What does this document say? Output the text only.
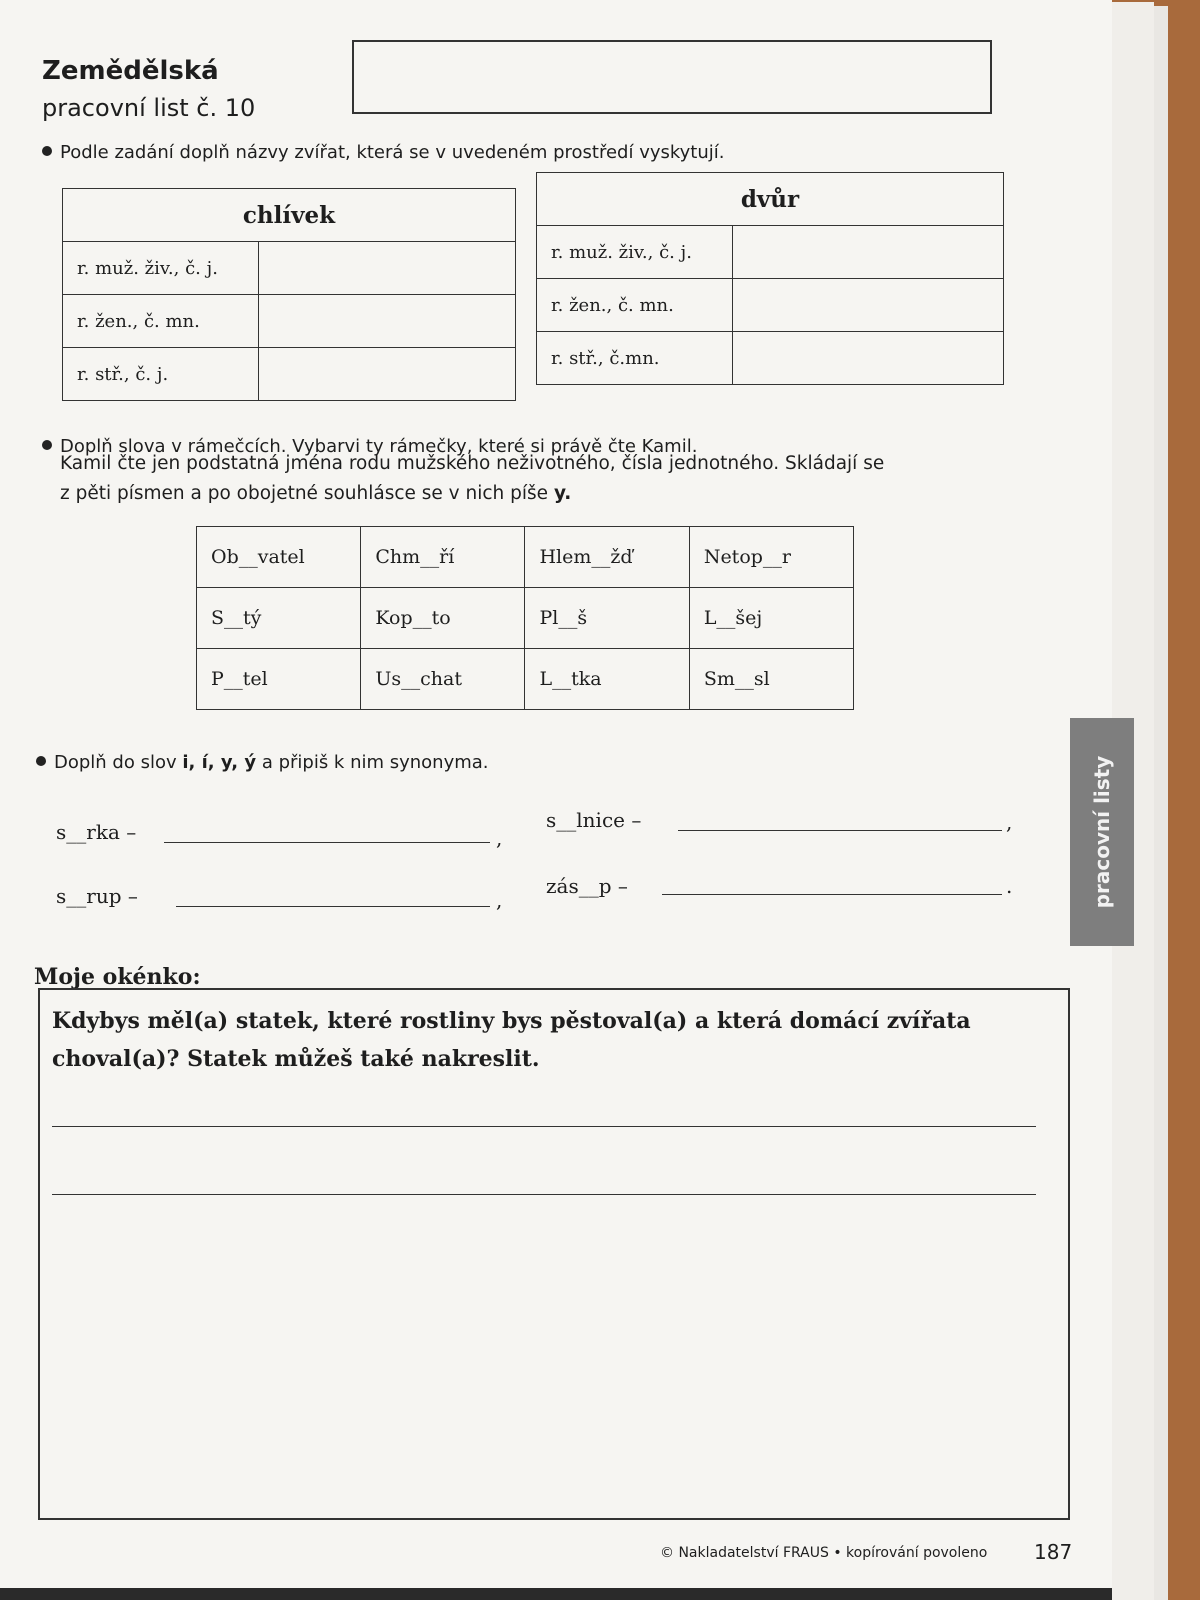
Zemědělská
pracovní list č. 10
Podle zadání doplň názvy zvířat, která se v uvedeném prostředí vyskytují.
chlívek	
r. muž. živ., č. j.	
r. žen., č. mn.	
r. stř., č. j.	
dvůr	
r. muž. živ., č. j.	
r. žen., č. mn.	
r. stř., č.mn.	
Doplň slova v rámečcích. Vybarvi ty rámečky, které si právě čte Kamil.
Kamil čte jen podstatná jména rodu mužského neživotného, čísla jednotného. Skládají se
z pěti písmen a po obojetné souhlásce se v nich píše y.
Ob__vatel	Chm__ří	Hlem__žď	Netop__r
S__tý	Kop__to	Pl__š	L__šej
P__tel	Us__chat	L__tka	Sm__sl
Doplň do slov i, í, y, ý a připiš k nim synonyma.
s__rka –	,
s__lnice –	,
s__rup –	,
zás__p –	.
Moje okénko:
Kdybys měl(a) statek, které rostliny bys pěstoval(a) a která domácí zvířata choval(a)? Statek můžeš také nakreslit.
© Nakladatelství FRAUS • kopírování povoleno 187
pracovní listy
